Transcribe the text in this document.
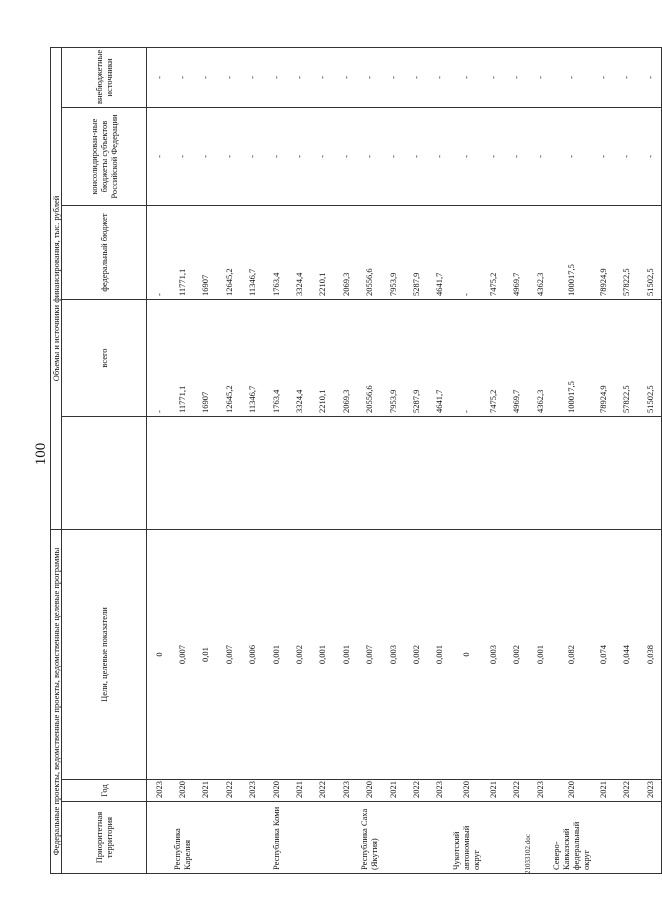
100
Федеральные проекты, ведомственные проекты, ведомственные целевые программы			Объемы и источники финансирования, тыс. рублей				
Приоритетная территория	Год	Цели, целевые показатели		всего	федеральный бюджет	консолидирован-ные бюджеты субъектов Российской Федерации	внебюджетные источники
	2023	0		-	-	-	-
Республика Карелия	2020	0,007		11771,1	11771,1	-	-
	2021	0,01		16907	16907	-	-
	2022	0,007		12645,2	12645,2	-	-
	2023	0,006		11346,7	11346,7	-	-
Республика Коми	2020	0,001		1763,4	1763,4	-	-
	2021	0,002		3324,4	3324,4	-	-
	2022	0,001		2210,1	2210,1	-	-
	2023	0,001		2069,3	2069,3	-	-
Республика Саха (Якутия)	2020	0,007		20556,6	20556,6	-	-
	2021	0,003		7953,9	7953,9	-	-
	2022	0,002		5287,9	5287,9	-	-
	2023	0,001		4641,7	4641,7	-	-
Чукотский автономный округ	2020	0		-	-	-	-
	2021	0,003		7475,2	7475,2	-	-
	2022	0,002		4969,7	4969,7	-	-
	2023	0,001		4362,3	4362,3	-	-
Северо-Кавказский федеральный округ	2020	0,082		100017,5	100017,5	-	-
	2021	0,074		78924,9	78924,9	-	-
	2022	0,044		57822,5	57822,5	-	-
	2023	0,038		51502,5	51502,5	-	-
21033102.doc
